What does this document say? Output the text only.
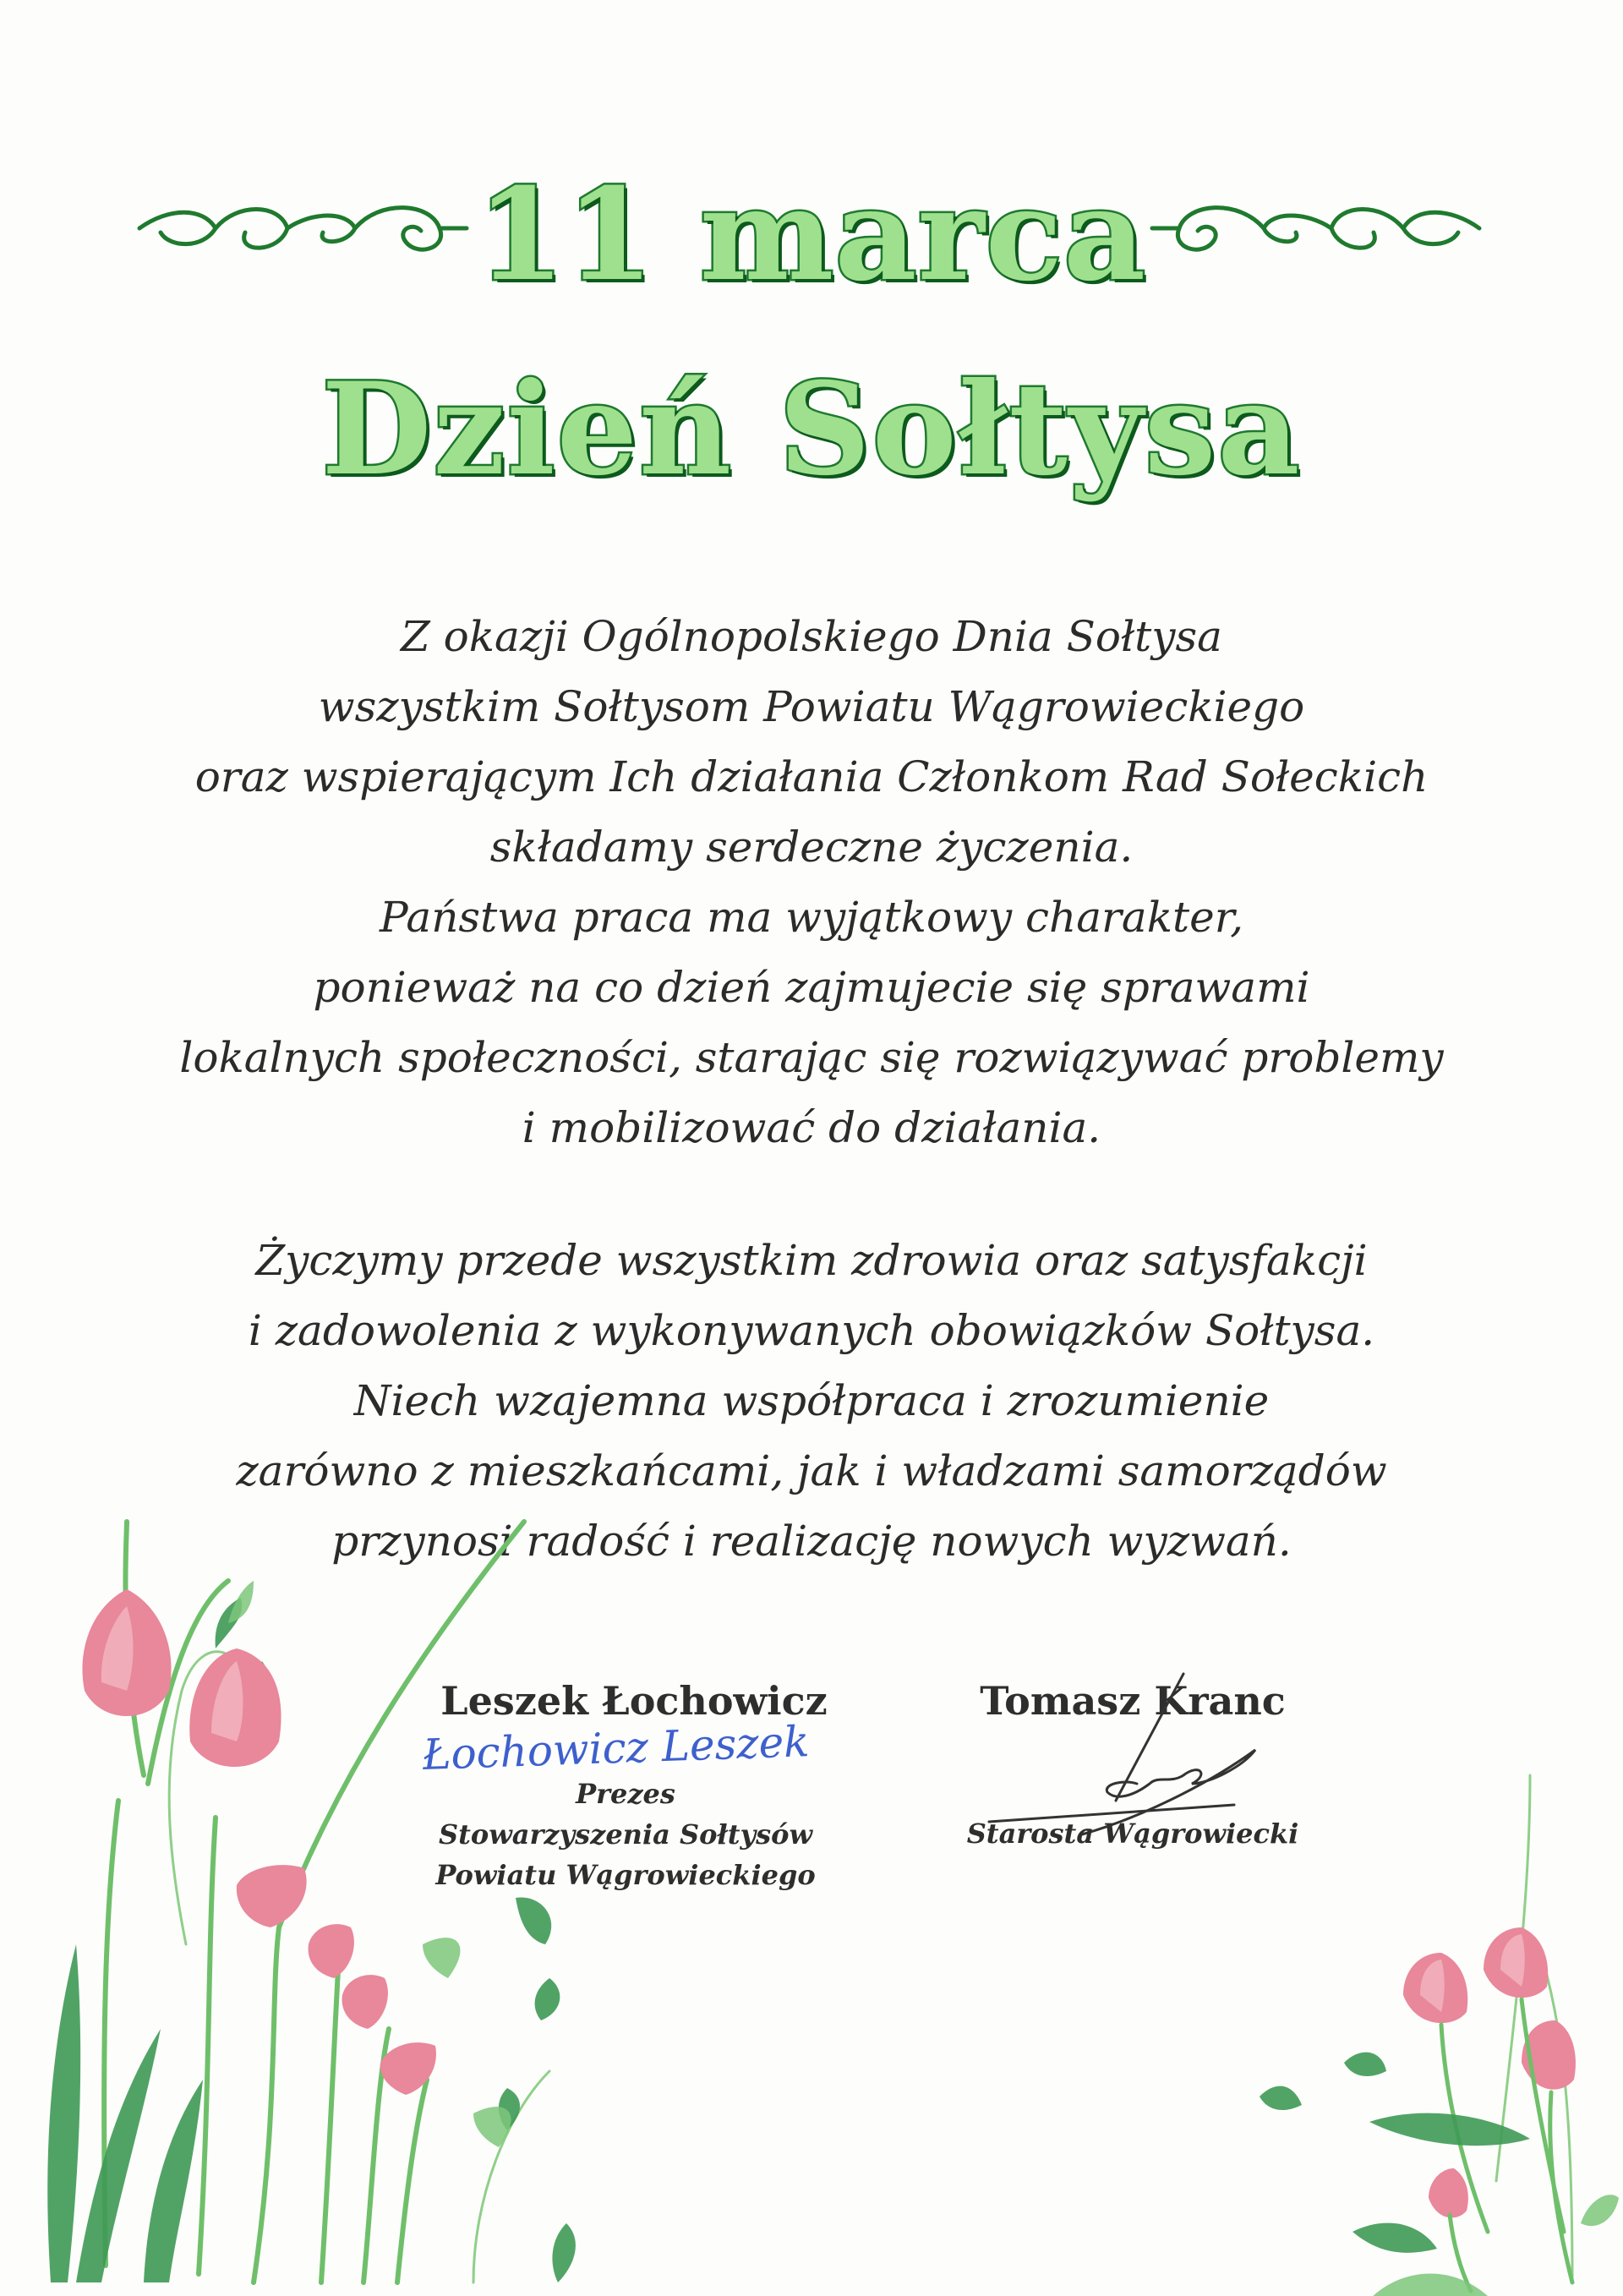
11 marca
Dzień Sołtysa
Z okazji Ogólnopolskiego Dnia Sołtysa
wszystkim Sołtysom Powiatu Wągrowieckiego
oraz wspierającym Ich działania Członkom Rad Sołeckich
składamy serdeczne życzenia.
Państwa praca ma wyjątkowy charakter,
ponieważ na co dzień zajmujecie się sprawami
lokalnych społeczności, starając się rozwiązywać problemy
i mobilizować do działania.
Życzymy przede wszystkim zdrowia oraz satysfakcji
i zadowolenia z wykonywanych obowiązków Sołtysa.
Niech wzajemna współpraca i zrozumienie
zarówno z mieszkańcami, jak i władzami samorządów
przynosi radość i realizację nowych wyzwań.
Leszek Łochowicz
Łochowicz Leszek
Prezes
Stowarzyszenia Sołtysów
Powiatu Wągrowieckiego
Tomasz Kranc
Starosta Wągrowiecki
